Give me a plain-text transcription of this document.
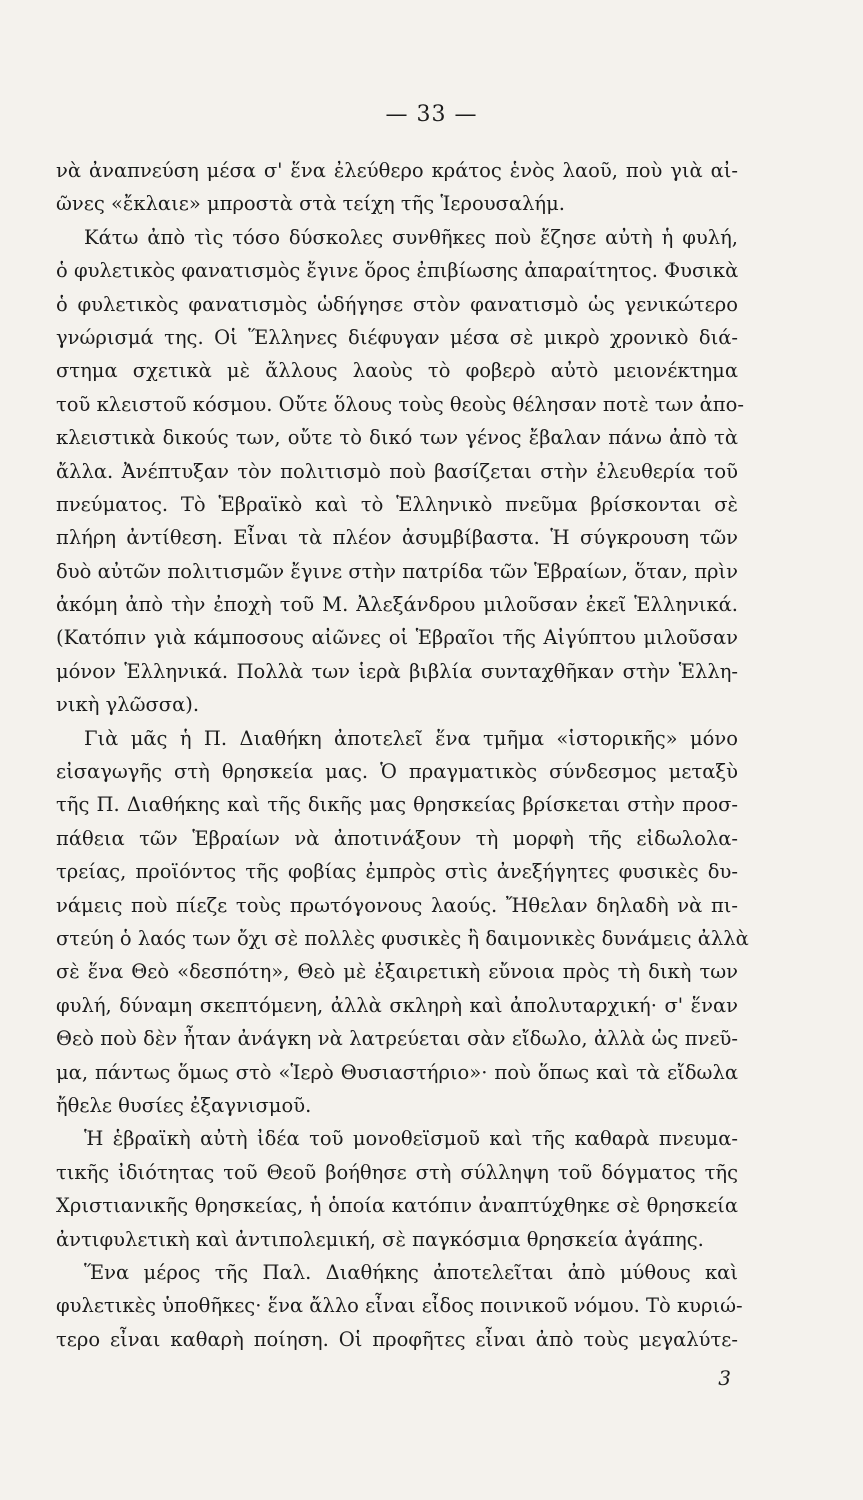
— 33 —
νὰ ἀναπνεύση μέσα σ' ἕνα ἐλεύθερο κράτος ἑνὸς λαοῦ, ποὺ γιὰ αἰ-
ῶνες «ἔκλαιε» μπροστὰ στὰ τείχη τῆς Ἱερουσαλήμ.
Κάτω ἀπὸ τὶς τόσο δύσκολες συνθῆκες ποὺ ἔζησε αὐτὴ ἡ φυλή,
ὁ φυλετικὸς φανατισμὸς ἔγινε ὅρος ἐπιβίωσης ἀπαραίτητος. Φυσικὰ
ὁ φυλετικὸς φανατισμὸς ὡδήγησε στὸν φανατισμὸ ὡς γενικώτερο
γνώρισμά της. Οἱ Ἕλληνες διέφυγαν μέσα σὲ μικρὸ χρονικὸ διά-
στημα σχετικὰ μὲ ἄλλους λαοὺς τὸ φοβερὸ αὐτὸ μειονέκτημα
τοῦ κλειστοῦ κόσμου. Οὔτε ὅλους τοὺς θεοὺς θέλησαν ποτὲ των ἀπο-
κλειστικὰ δικούς των, οὔτε τὸ δικό των γένος ἔβαλαν πάνω ἀπὸ τὰ
ἄλλα. Ἀνέπτυξαν τὸν πολιτισμὸ ποὺ βασίζεται στὴν ἐλευθερία τοῦ
πνεύματος. Τὸ Ἑβραϊκὸ καὶ τὸ Ἑλληνικὸ πνεῦμα βρίσκονται σὲ
πλήρη ἀντίθεση. Εἶναι τὰ πλέον ἀσυμβίβαστα. Ἡ σύγκρουση τῶν
δυὸ αὐτῶν πολιτισμῶν ἔγινε στὴν πατρίδα τῶν Ἑβραίων, ὅταν, πρὶν
ἀκόμη ἀπὸ τὴν ἐποχὴ τοῦ Μ. Ἀλεξάνδρου μιλοῦσαν ἐκεῖ Ἑλληνικά.
(Κατόπιν γιὰ κάμποσους αἰῶνες οἱ Ἑβραῖοι τῆς Αἰγύπτου μιλοῦσαν
μόνον Ἑλληνικά. Πολλὰ των ἱερὰ βιβλία συνταχθῆκαν στὴν Ἑλλη-
νικὴ γλῶσσα).
Γιὰ μᾶς ἡ Π. Διαθήκη ἀποτελεῖ ἕνα τμῆμα «ἱστορικῆς» μόνο
εἰσαγωγῆς στὴ θρησκεία μας. Ὁ πραγματικὸς σύνδεσμος μεταξὺ
τῆς Π. Διαθήκης καὶ τῆς δικῆς μας θρησκείας βρίσκεται στὴν προσ-
πάθεια τῶν Ἑβραίων νὰ ἀποτινάξουν τὴ μορφὴ τῆς εἰδωλολα-
τρείας, προϊόντος τῆς φοβίας ἐμπρὸς στὶς ἀνεξήγητες φυσικὲς δυ-
νάμεις ποὺ πίεζε τοὺς πρωτόγονους λαούς. Ἤθελαν δηλαδὴ νὰ πι-
στεύη ὁ λαός των ὄχι σὲ πολλὲς φυσικὲς ἢ δαιμονικὲς δυνάμεις ἀλλὰ
σὲ ἕνα Θεὸ «δεσπότη», Θεὸ μὲ ἐξαιρετικὴ εὔνοια πρὸς τὴ δικὴ των
φυλή, δύναμη σκεπτόμενη, ἀλλὰ σκληρὴ καὶ ἀπολυταρχική· σ' ἕναν
Θεὸ ποὺ δὲν ἦταν ἀνάγκη νὰ λατρεύεται σὰν εἴδωλο, ἀλλὰ ὡς πνεῦ-
μα, πάντως ὅμως στὸ «Ἱερὸ Θυσιαστήριο»· ποὺ ὅπως καὶ τὰ εἴδωλα
ἤθελε θυσίες ἐξαγνισμοῦ.
Ἡ ἑβραϊκὴ αὐτὴ ἰδέα τοῦ μονοθεϊσμοῦ καὶ τῆς καθαρὰ πνευμα-
τικῆς ἰδιότητας τοῦ Θεοῦ βοήθησε στὴ σύλληψη τοῦ δόγματος τῆς
Χριστιανικῆς θρησκείας, ἡ ὁποία κατόπιν ἀναπτύχθηκε σὲ θρησκεία
ἀντιφυλετικὴ καὶ ἀντιπολεμική, σὲ παγκόσμια θρησκεία ἀγάπης.
Ἕνα μέρος τῆς Παλ. Διαθήκης ἀποτελεῖται ἀπὸ μύθους καὶ
φυλετικὲς ὑποθῆκες· ἕνα ἄλλο εἶναι εἶδος ποινικοῦ νόμου. Τὸ κυριώ-
τερο εἶναι καθαρὴ ποίηση. Οἱ προφῆτες εἶναι ἀπὸ τοὺς μεγαλύτε-
3
